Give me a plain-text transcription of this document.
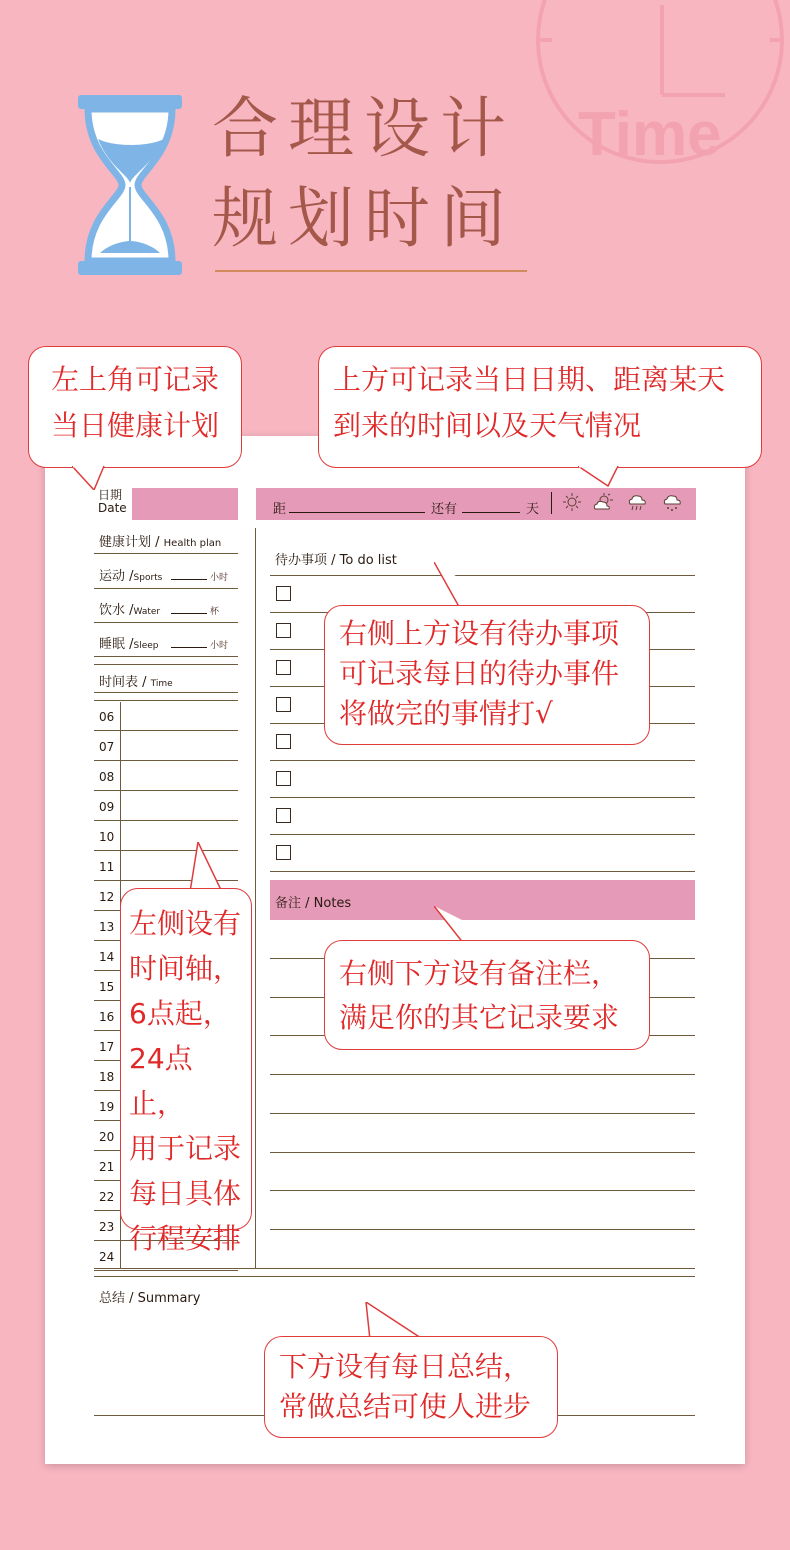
Time
合理设计
规划时间
日期
Date	距	还有	天
健康计划 / Health plan
运动 /Sports	小时
饮水 /Water	杯
睡眠 /Sleep	小时
时间表 / Time
06
07
08
09
10
11
12
13
14
15
16
17
18
19
20
21
22
23
24
待办事项 / To do list
备注 / Notes
总结 / Summary
左上角可记录
当日健康计划
上方可记录当日日期、距离某天
到来的时间以及天气情况
右侧上方设有待办事项
可记录每日的待办事件
将做完的事情打√
左侧设有
时间轴，
6点起，
24点止，
用于记录
每日具体
行程安排
右侧下方设有备注栏，
满足你的其它记录要求
下方设有每日总结，
常做总结可使人进步
